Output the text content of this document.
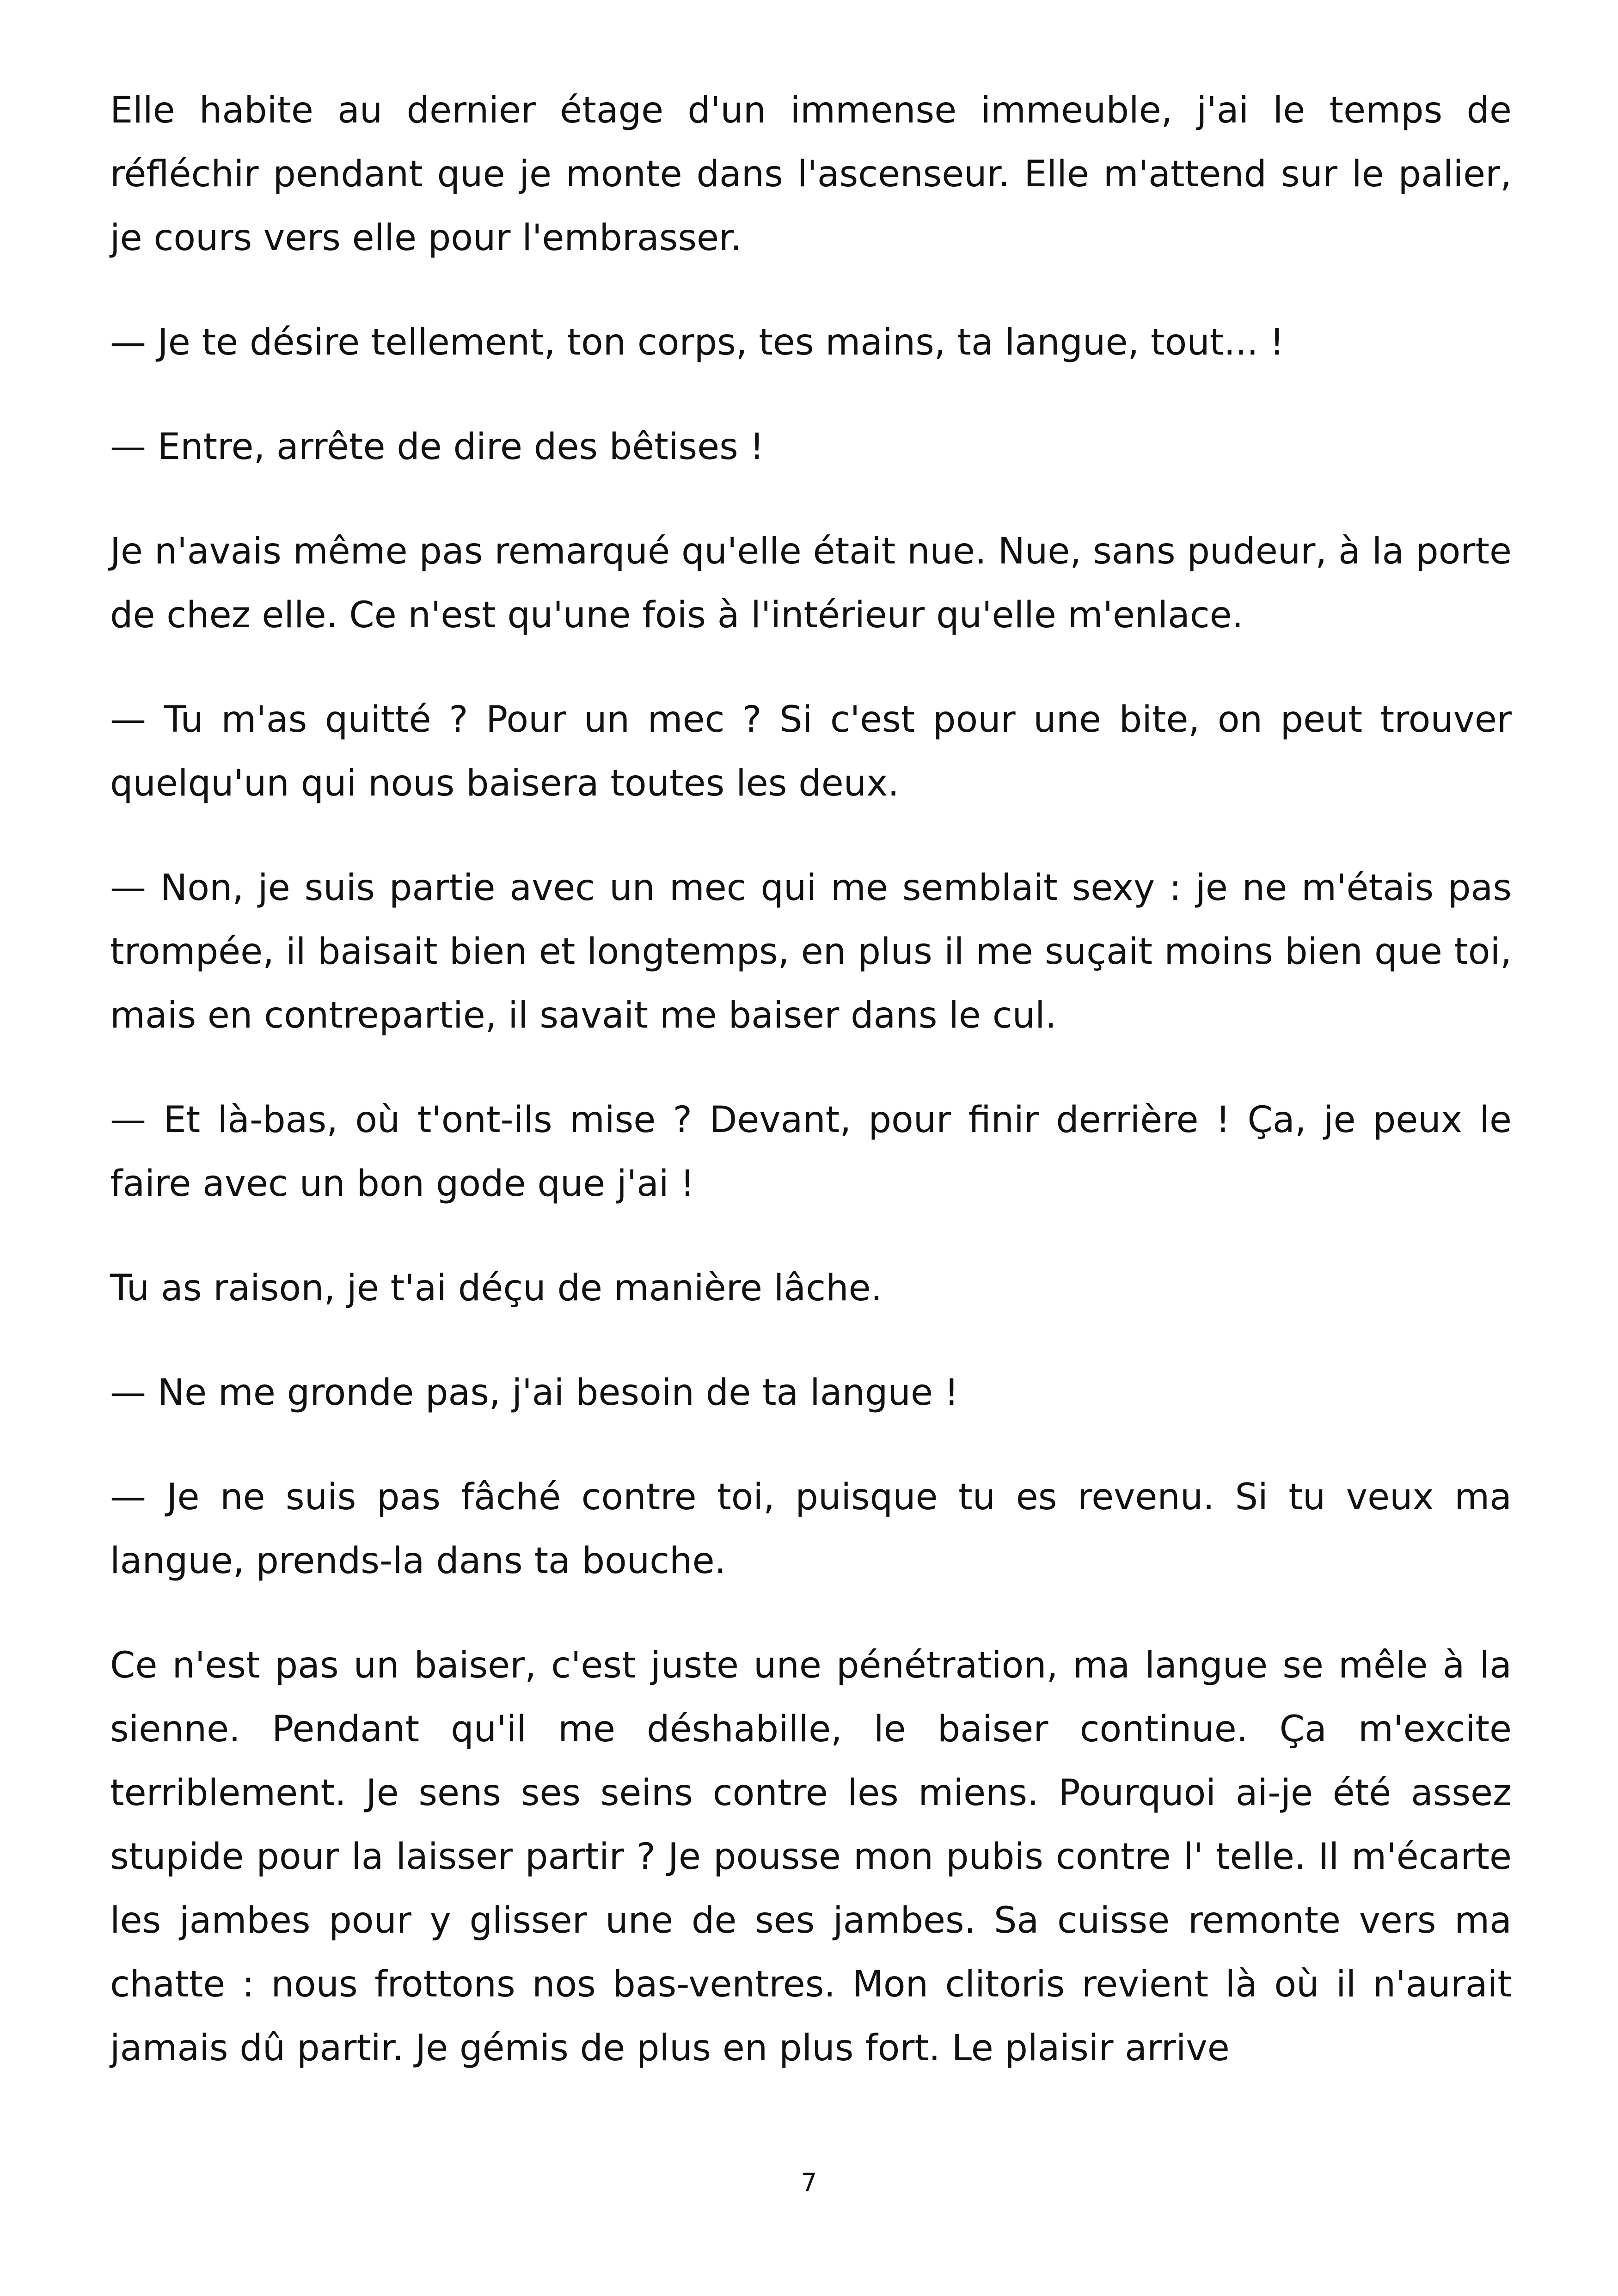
Elle habite au dernier étage d'un immense immeuble, j'ai le temps de réfléchir pendant que je monte dans l'ascenseur. Elle m'attend sur le palier, je cours vers elle pour l'embrasser.

— Je te désire tellement, ton corps, tes mains, ta langue, tout... !

— Entre, arrête de dire des bêtises !

Je n'avais même pas remarqué qu'elle était nue. Nue, sans pudeur, à la porte de chez elle. Ce n'est qu'une fois à l'intérieur qu'elle m'enlace.

— Tu m'as quitté ? Pour un mec ? Si c'est pour une bite, on peut trouver quelqu'un qui nous baisera toutes les deux.

— Non, je suis partie avec un mec qui me semblait sexy : je ne m'étais pas trompée, il baisait bien et longtemps, en plus il me suçait moins bien que toi, mais en contrepartie, il savait me baiser dans le cul.

— Et là-bas, où t'ont-ils mise ? Devant, pour finir derrière ! Ça, je peux le faire avec un bon gode que j'ai !

Tu as raison, je t'ai déçu de manière lâche.

— Ne me gronde pas, j'ai besoin de ta langue !

— Je ne suis pas fâché contre toi, puisque tu es revenu. Si tu veux ma langue, prends-la dans ta bouche.

Ce n'est pas un baiser, c'est juste une pénétration, ma langue se mêle à la sienne. Pendant qu'il me déshabille, le baiser continue. Ça m'excite terriblement. Je sens ses seins contre les miens. Pourquoi ai-je été assez stupide pour la laisser partir ? Je pousse mon pubis contre l' telle. Il m'écarte les jambes pour y glisser une de ses jambes. Sa cuisse remonte vers ma chatte : nous frottons nos bas-ventres. Mon clitoris revient là où il n'aurait jamais dû partir. Je gémis de plus en plus fort. Le plaisir arrive

7
